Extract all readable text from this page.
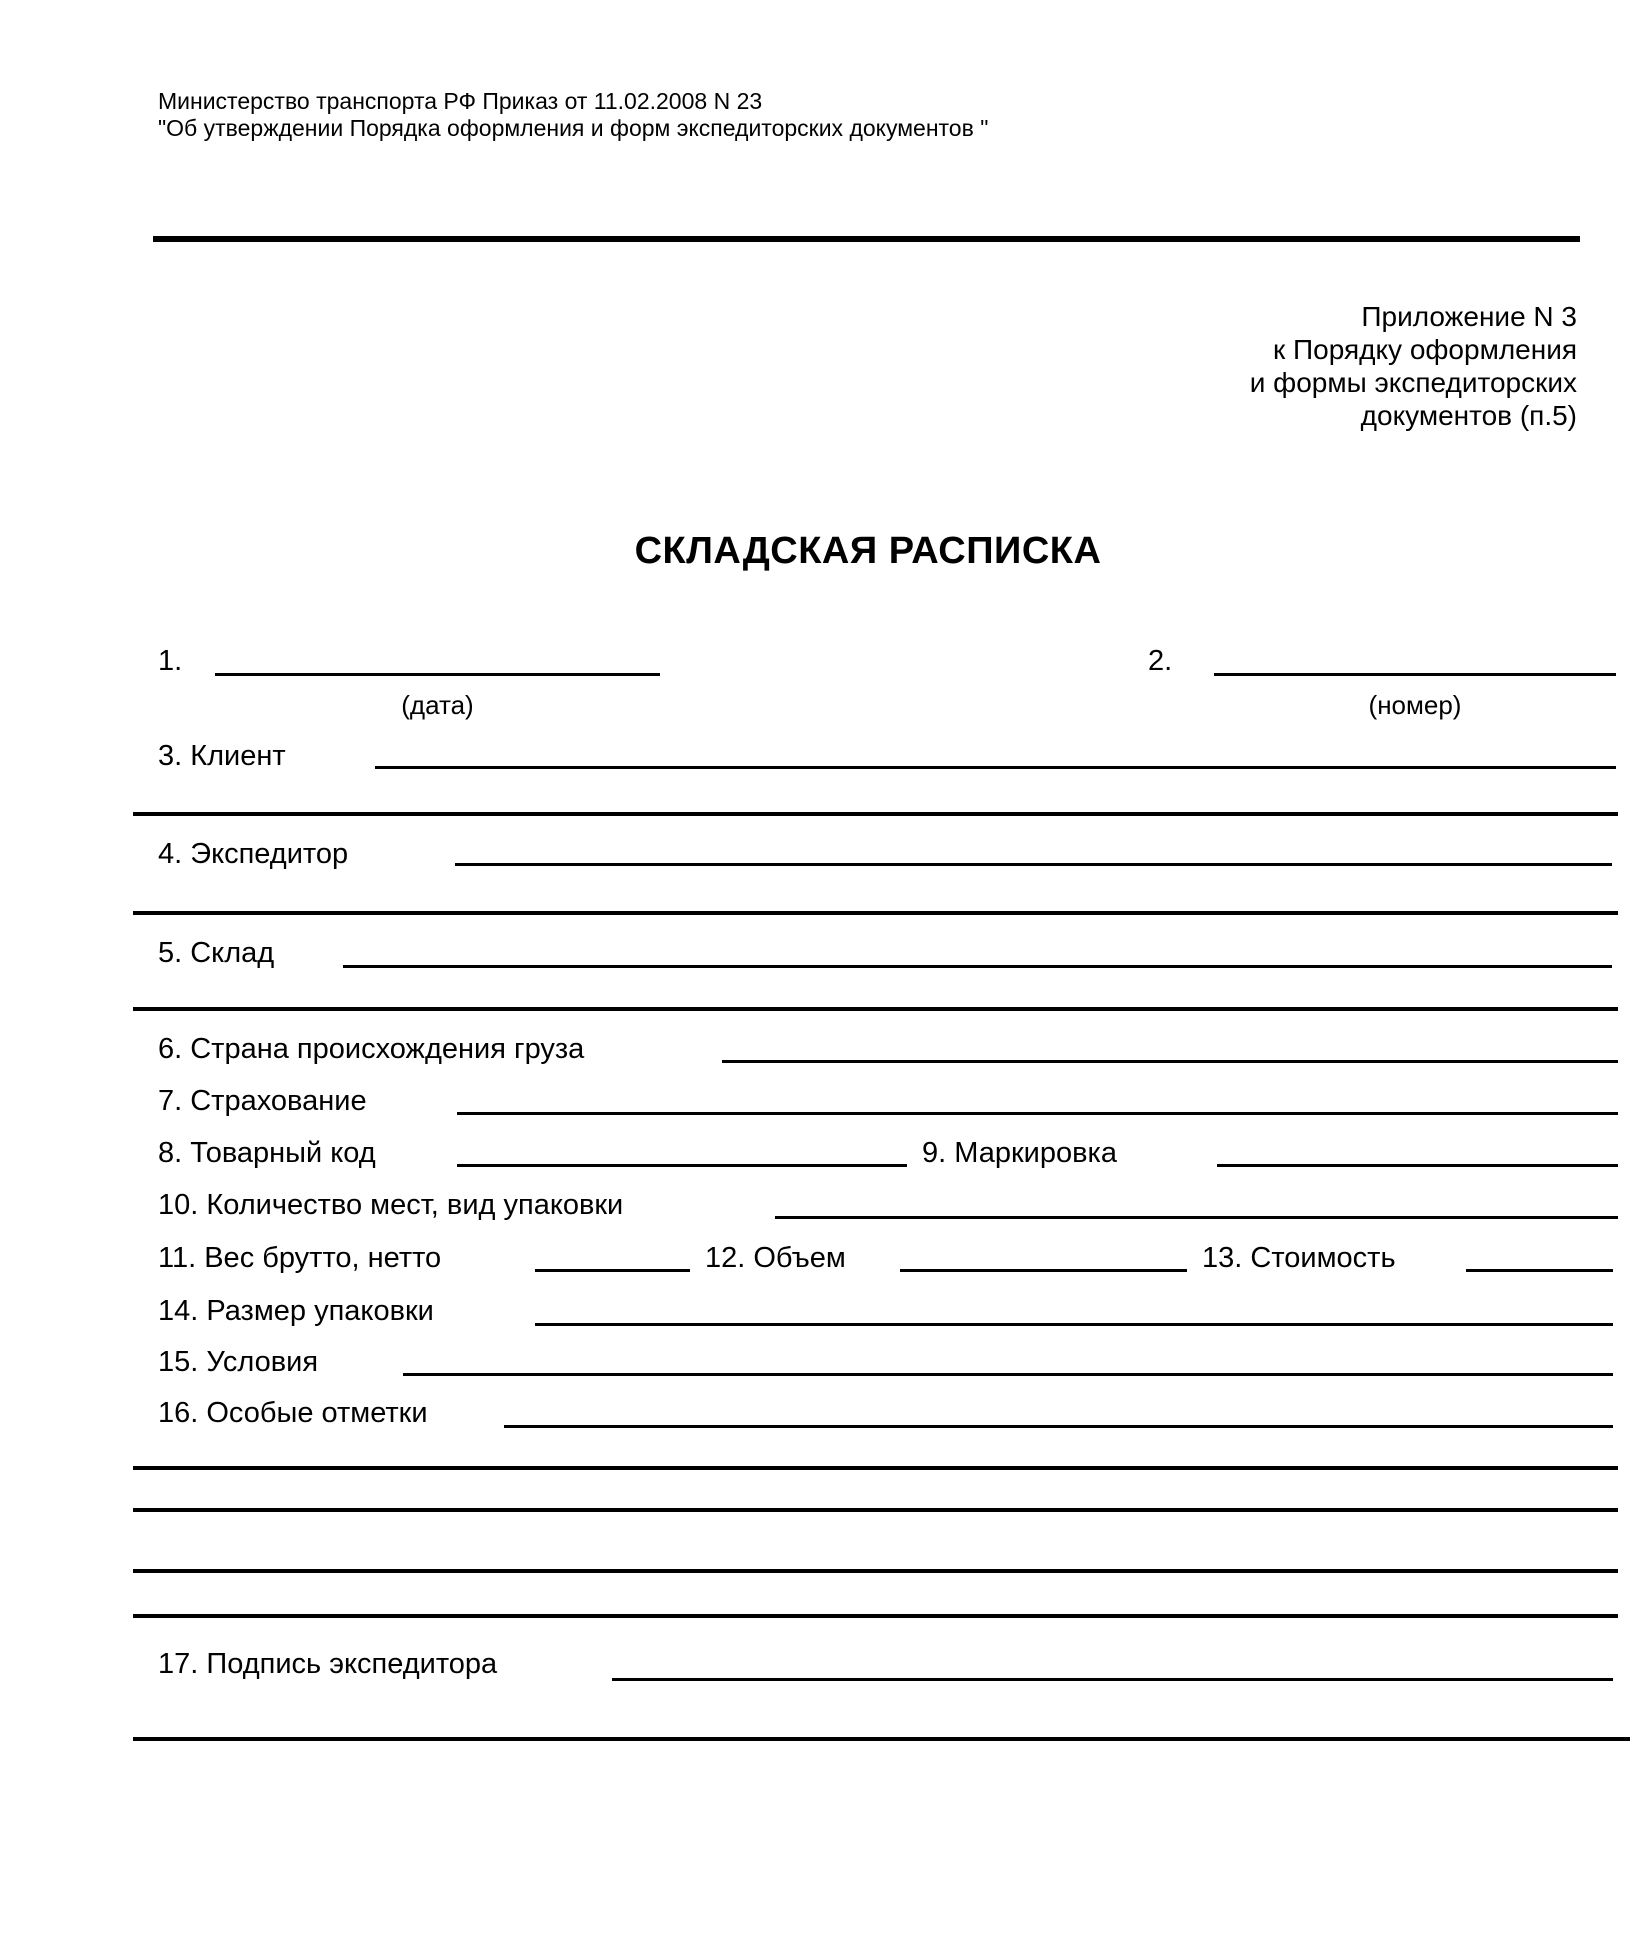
Министерство транспорта РФ Приказ от 11.02.2008 N 23
"Об утверждении Порядка оформления и форм экспедиторских документов "
Приложение N 3
к Порядку оформления
и формы экспедиторских
документов (п.5)
СКЛАДСКАЯ РАСПИСКА
1.
(дата)
2.
(номер)
3. Клиент
4. Экспедитор
5. Склад
6. Страна происхождения груза
7. Страхование
8. Товарный код	9. Маркировка
10. Количество мест, вид упаковки
11. Вес брутто, нетто	12. Объем	13. Стоимость
14. Размер упаковки
15. Условия
16. Особые отметки
17. Подпись экспедитора
